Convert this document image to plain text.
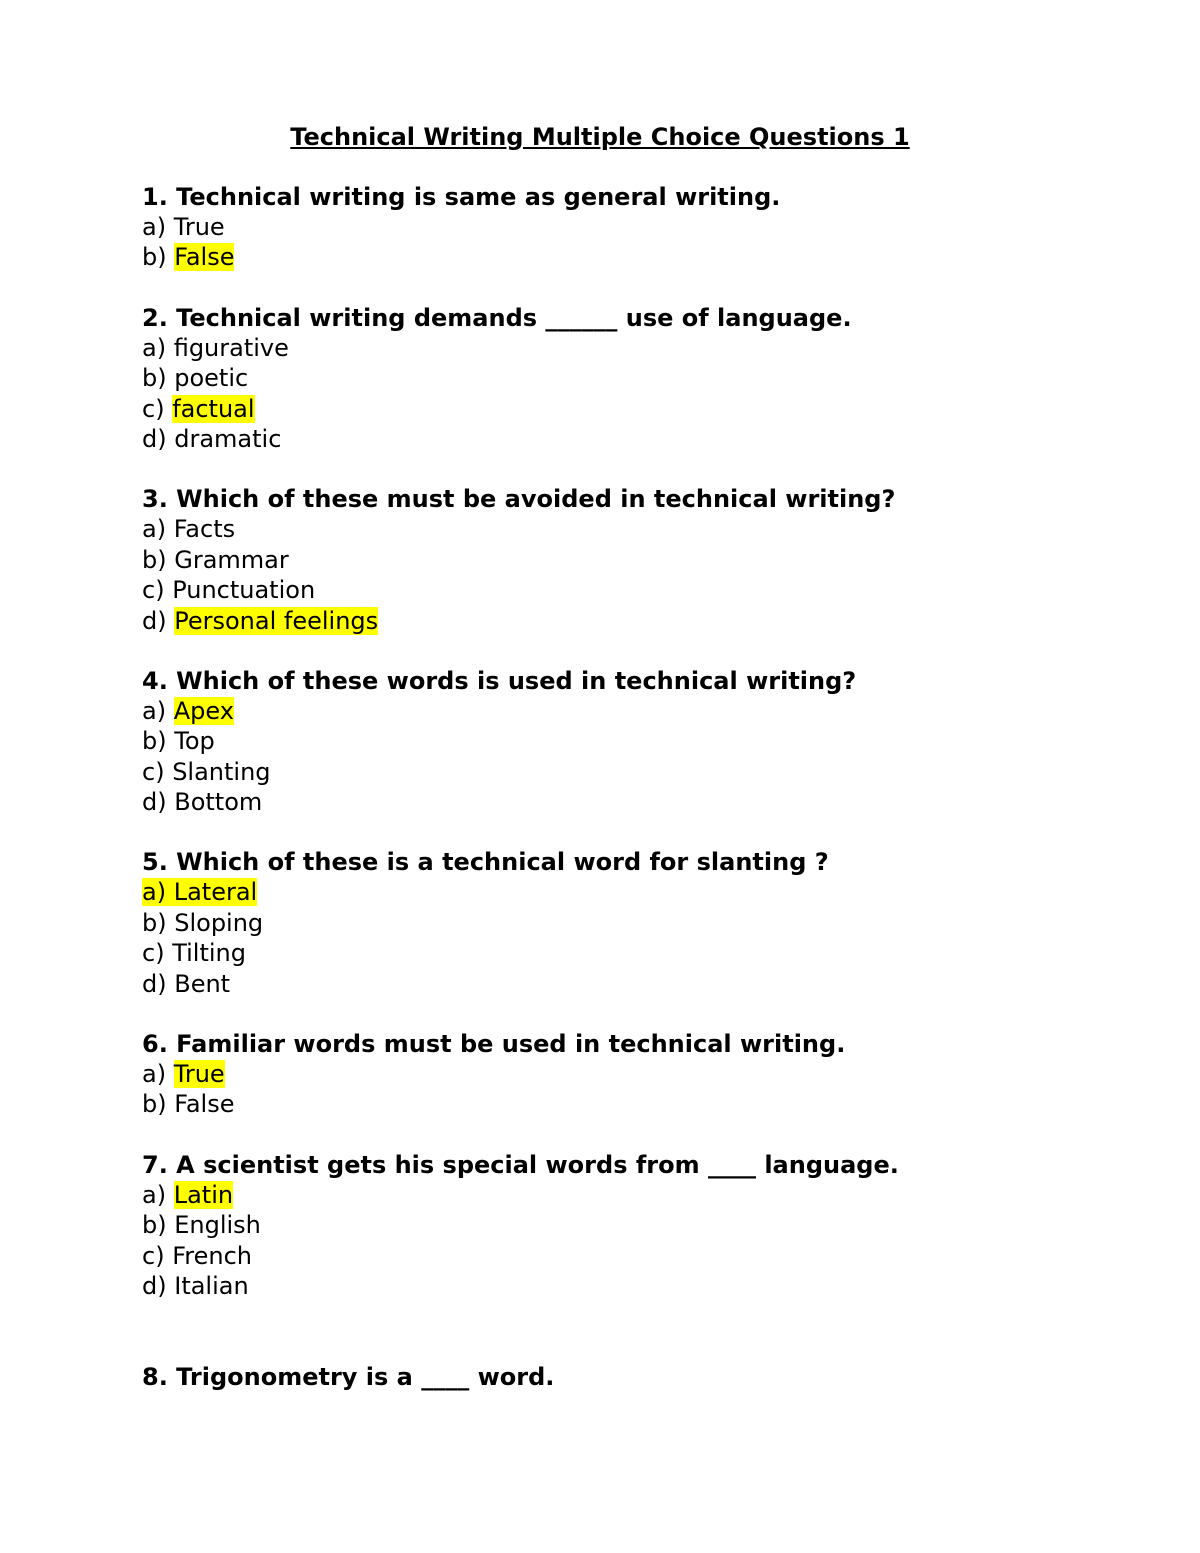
Technical Writing Multiple Choice Questions 1
1. Technical writing is same as general writing.
a) True
b) False
2. Technical writing demands ______ use of language.
a) figurative
b) poetic
c) factual
d) dramatic
3. Which of these must be avoided in technical writing?
a) Facts
b) Grammar
c) Punctuation
d) Personal feelings
4. Which of these words is used in technical writing?
a) Apex
b) Top
c) Slanting
d) Bottom
5. Which of these is a technical word for slanting ?
a) Lateral
b) Sloping
c) Tilting
d) Bent
6. Familiar words must be used in technical writing.
a) True
b) False
7. A scientist gets his special words from ____ language.
a) Latin
b) English
c) French
d) Italian
8. Trigonometry is a ____ word.
